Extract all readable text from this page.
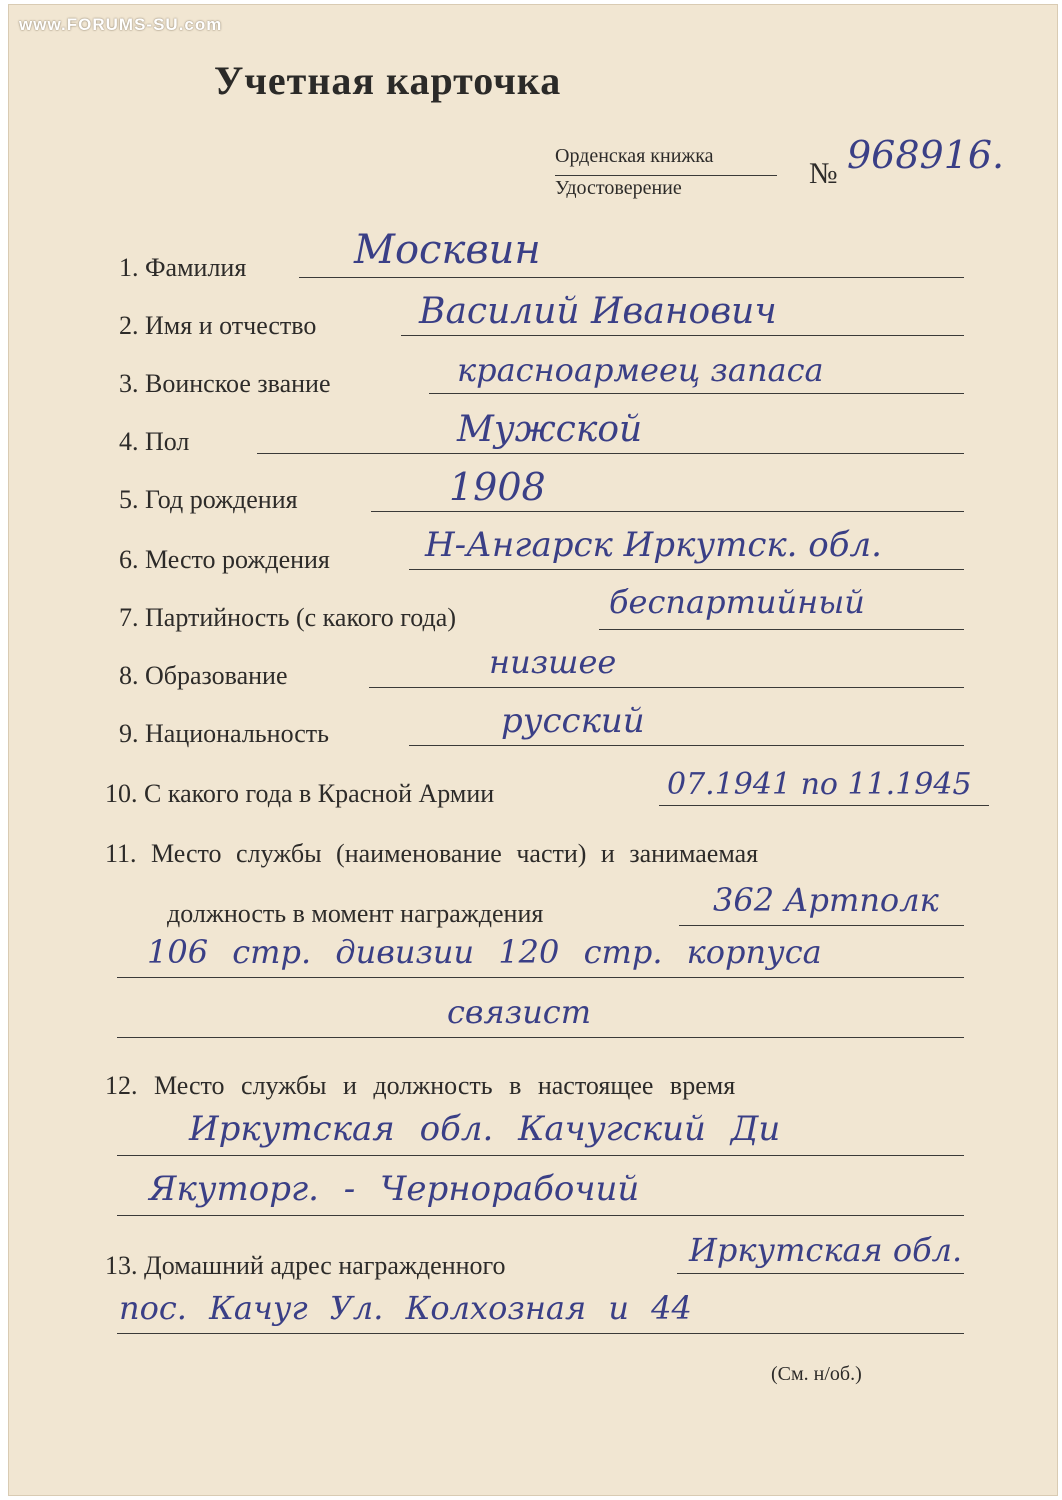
www.FORUMS-SU.com
Учетная карточка
Орденская книжка
Удостоверение	№ 968916.
1. Фамилия	Москвин
2. Имя и отчество	Василий Иванович
3. Воинское звание	красноармеец запаса
4. Пол	Мужской
5. Год рождения	1908
6. Место рождения	Н-Ангарск Иркутск. обл.
7. Партийность (с какого года)	беспартийный
8. Образование	низшее
9. Национальность	русский
10. С какого года в Красной Армии	07.1941 по 11.1945
11. Место службы (наименование части) и занимаемая
должность в момент награждения	362 Артполк
106 стр. дивизии 120 стр. корпуса
связист
12. Место службы и должность в настоящее время
Иркутская обл. Качугский Ди
Якуторг. - Чернорабочий
13. Домашний адрес награжденного	Иркутская обл.
пос. Качуг Ул. Колхозная и 44
(См. н/об.)
